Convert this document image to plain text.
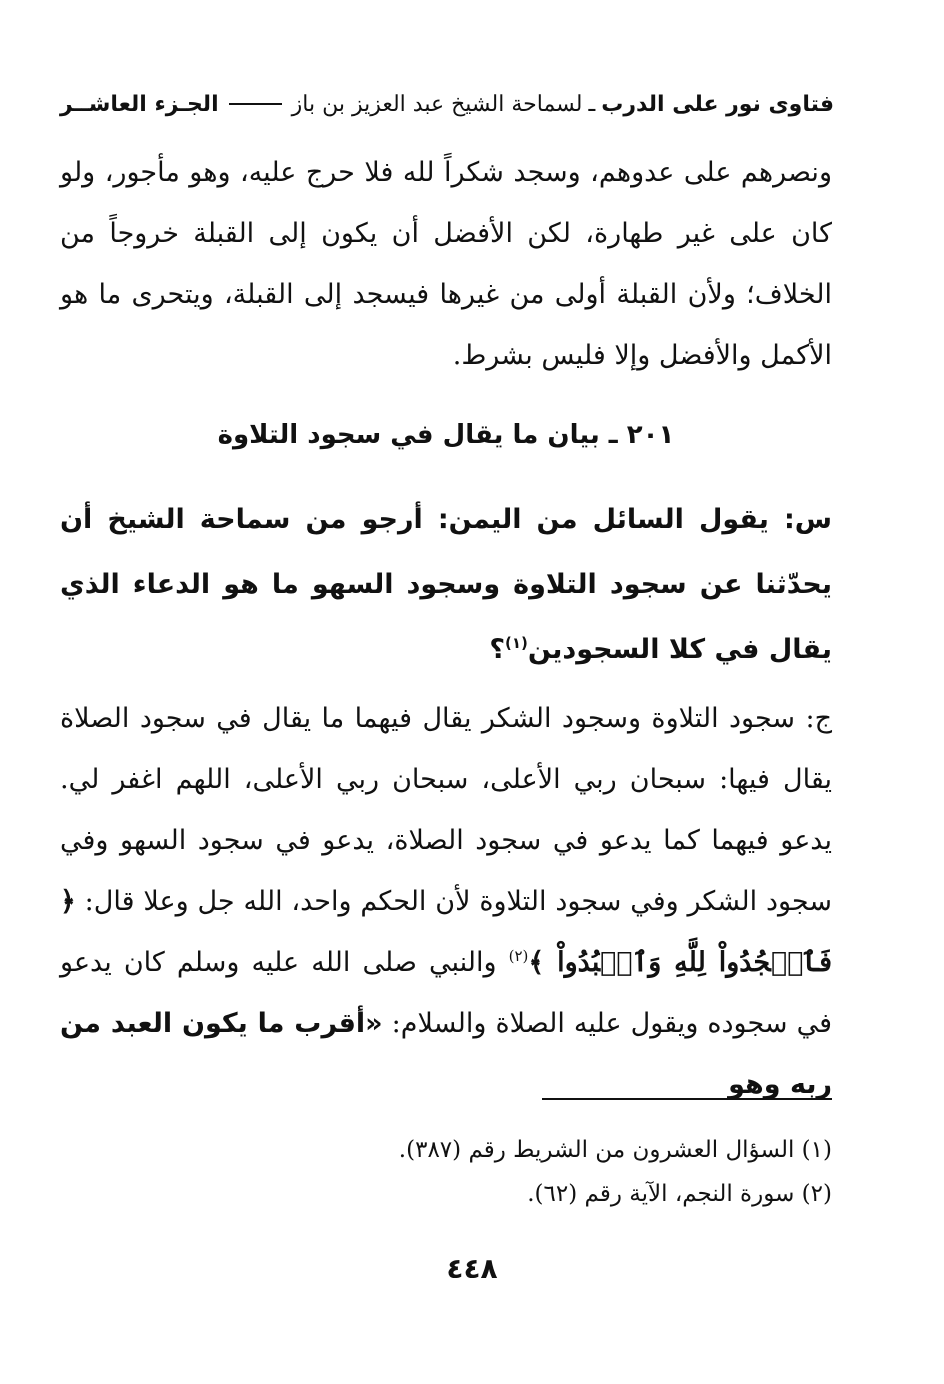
فتاوى نور على الدرب
ـ
لسماحة الشيخ عبد العزيز بن باز
الجـزء العاشــر

ونصرهم على عدوهم، وسجد شكراً لله فلا حرج عليه، وهو مأجور، ولو كان على غير طهارة، لكن الأفضل أن يكون إلى القبلة خروجاً من الخلاف؛ ولأن القبلة أولى من غيرها فيسجد إلى القبلة، ويتحرى ما هو الأكمل والأفضل وإلا فليس بشرط.

٢٠١ ـ بيان ما يقال في سجود التلاوة

س: يقول السائل من اليمن: أرجو من سماحة الشيخ أن يحدّثنا عن سجود التلاوة وسجود السهو ما هو الدعاء الذي يقال في كلا السجودين$^{(١)}$؟

ج: سجود التلاوة وسجود الشكر يقال فيهما ما يقال في سجود الصلاة يقال فيها: سبحان ربي الأعلى، سبحان ربي الأعلى، اللهم اغفر لي. يدعو فيهما كما يدعو في سجود الصلاة، يدعو في سجود السهو وفي سجود الشكر وفي سجود التلاوة لأن الحكم واحد، الله جل وعلا قال: ﴿ فَٱسۡجُدُواْ لِلَّهِ وَٱعۡبُدُواْ ﴾$^{(٢)}$ والنبي صلى الله عليه وسلم كان يدعو في سجوده ويقول عليه الصلاة والسلام: «أقرب ما يكون العبد من ربه وهو

(١) السؤال العشرون من الشريط رقم (٣٨٧).

(٢) سورة النجم، الآية رقم (٦٢).

٤٤٨
